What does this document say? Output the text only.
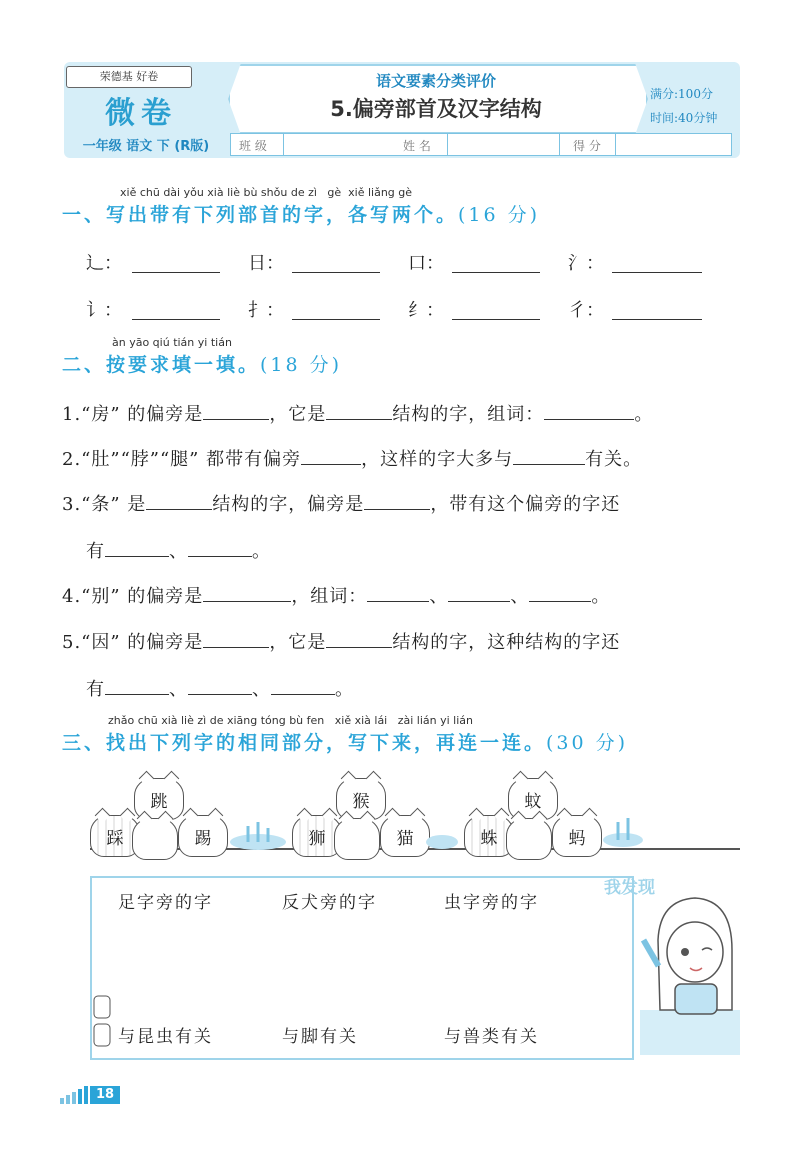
荣德基 好卷
微卷
一年级 语文 下 (R版)
语文要素分类评价
5.偏旁部首及汉字结构
满分:100分
时间:40分钟
班 级	姓 名	得 分
xiě chū dài yǒu xià liè bù shǒu de zì   gè  xiě liǎng gè
一、写出带有下列部首的字，各写两个。(16 分)
辶：	日：	口：	氵：
讠：	扌：	纟：	彳：
àn yāo qiú tián yi tián
二、按要求填一填。(18 分)
1.“房” 的偏旁是	，它是	结构的字，组词：	。
2.“肚”“脖”“腿” 都带有偏旁	，这样的字大多与	有关。
3.“条” 是	结构的字，偏旁是	，带有这个偏旁的字还
有	、	。
4.“别” 的偏旁是	，组词：	、	、	。
5.“因” 的偏旁是	，它是	结构的字，这种结构的字还
有	、	、	。
zhǎo chū xià liè zì de xiāng tóng bù fen   xiě xià lái   zài lián yi lián
三、找出下列字的相同部分，写下来，再连一连。(30 分)
跳
踩	踢
猴
狮	猫
蚊
蛛	蚂
足字旁的字	反犬旁的字	虫字旁的字
与昆虫有关	与脚有关	与兽类有关
我发现
18
